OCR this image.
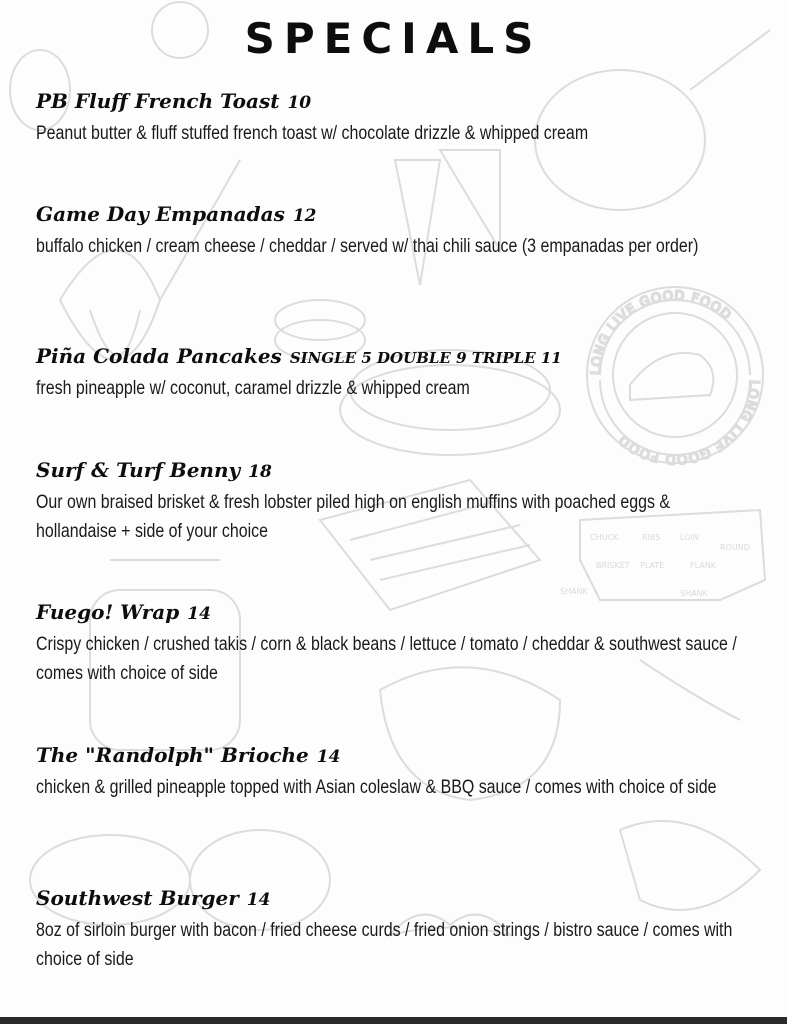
LONG LIVE GOOD FOOD
LONG LIVE GOOD FOOD
CHUCK	RIBS LOIN
ROUND
BRISKET PLATE	FLANK
SHANK	SHANK
SPECIALS
PB Fluff French Toast 10
Peanut butter & fluff stuffed french toast w/ chocolate drizzle & whipped cream
Game Day Empanadas 12
buffalo chicken / cream cheese / cheddar / served w/ thai chili sauce (3 empanadas per order)
Piña Colada Pancakes SINGLE 5 DOUBLE 9 TRIPLE 11
fresh pineapple w/ coconut, caramel drizzle & whipped cream
Surf & Turf Benny 18
Our own braised brisket & fresh lobster piled high on english muffins with poached eggs & hollandaise + side of your choice
Fuego! Wrap 14
Crispy chicken / crushed takis / corn & black beans / lettuce / tomato / cheddar & southwest sauce / comes with choice of side
The "Randolph" Brioche 14
chicken & grilled pineapple topped with Asian coleslaw & BBQ sauce / comes with choice of side
Southwest Burger 14
8oz of sirloin burger with bacon / fried cheese curds / fried onion strings / bistro sauce / comes with choice of side
